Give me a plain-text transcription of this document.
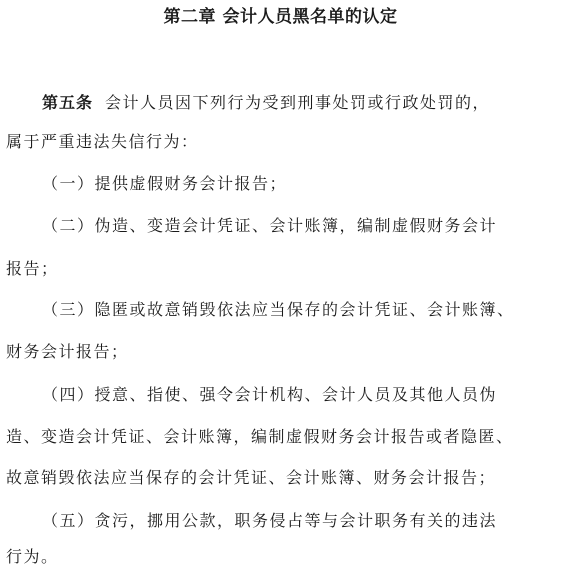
第二章 会计人员黑名单的认定
第五条 会计人员因下列行为受到刑事处罚或行政处罚的，
属于严重违法失信行为：
（一）提供虚假财务会计报告；
（二）伪造、变造会计凭证、会计账簿，编制虚假财务会计
报告；
（三）隐匿或故意销毁依法应当保存的会计凭证、会计账簿、
财务会计报告；
（四）授意、指使、强令会计机构、会计人员及其他人员伪
造、变造会计凭证、会计账簿，编制虚假财务会计报告或者隐匿、
故意销毁依法应当保存的会计凭证、会计账簿、财务会计报告；
（五）贪污，挪用公款，职务侵占等与会计职务有关的违法
行为。
